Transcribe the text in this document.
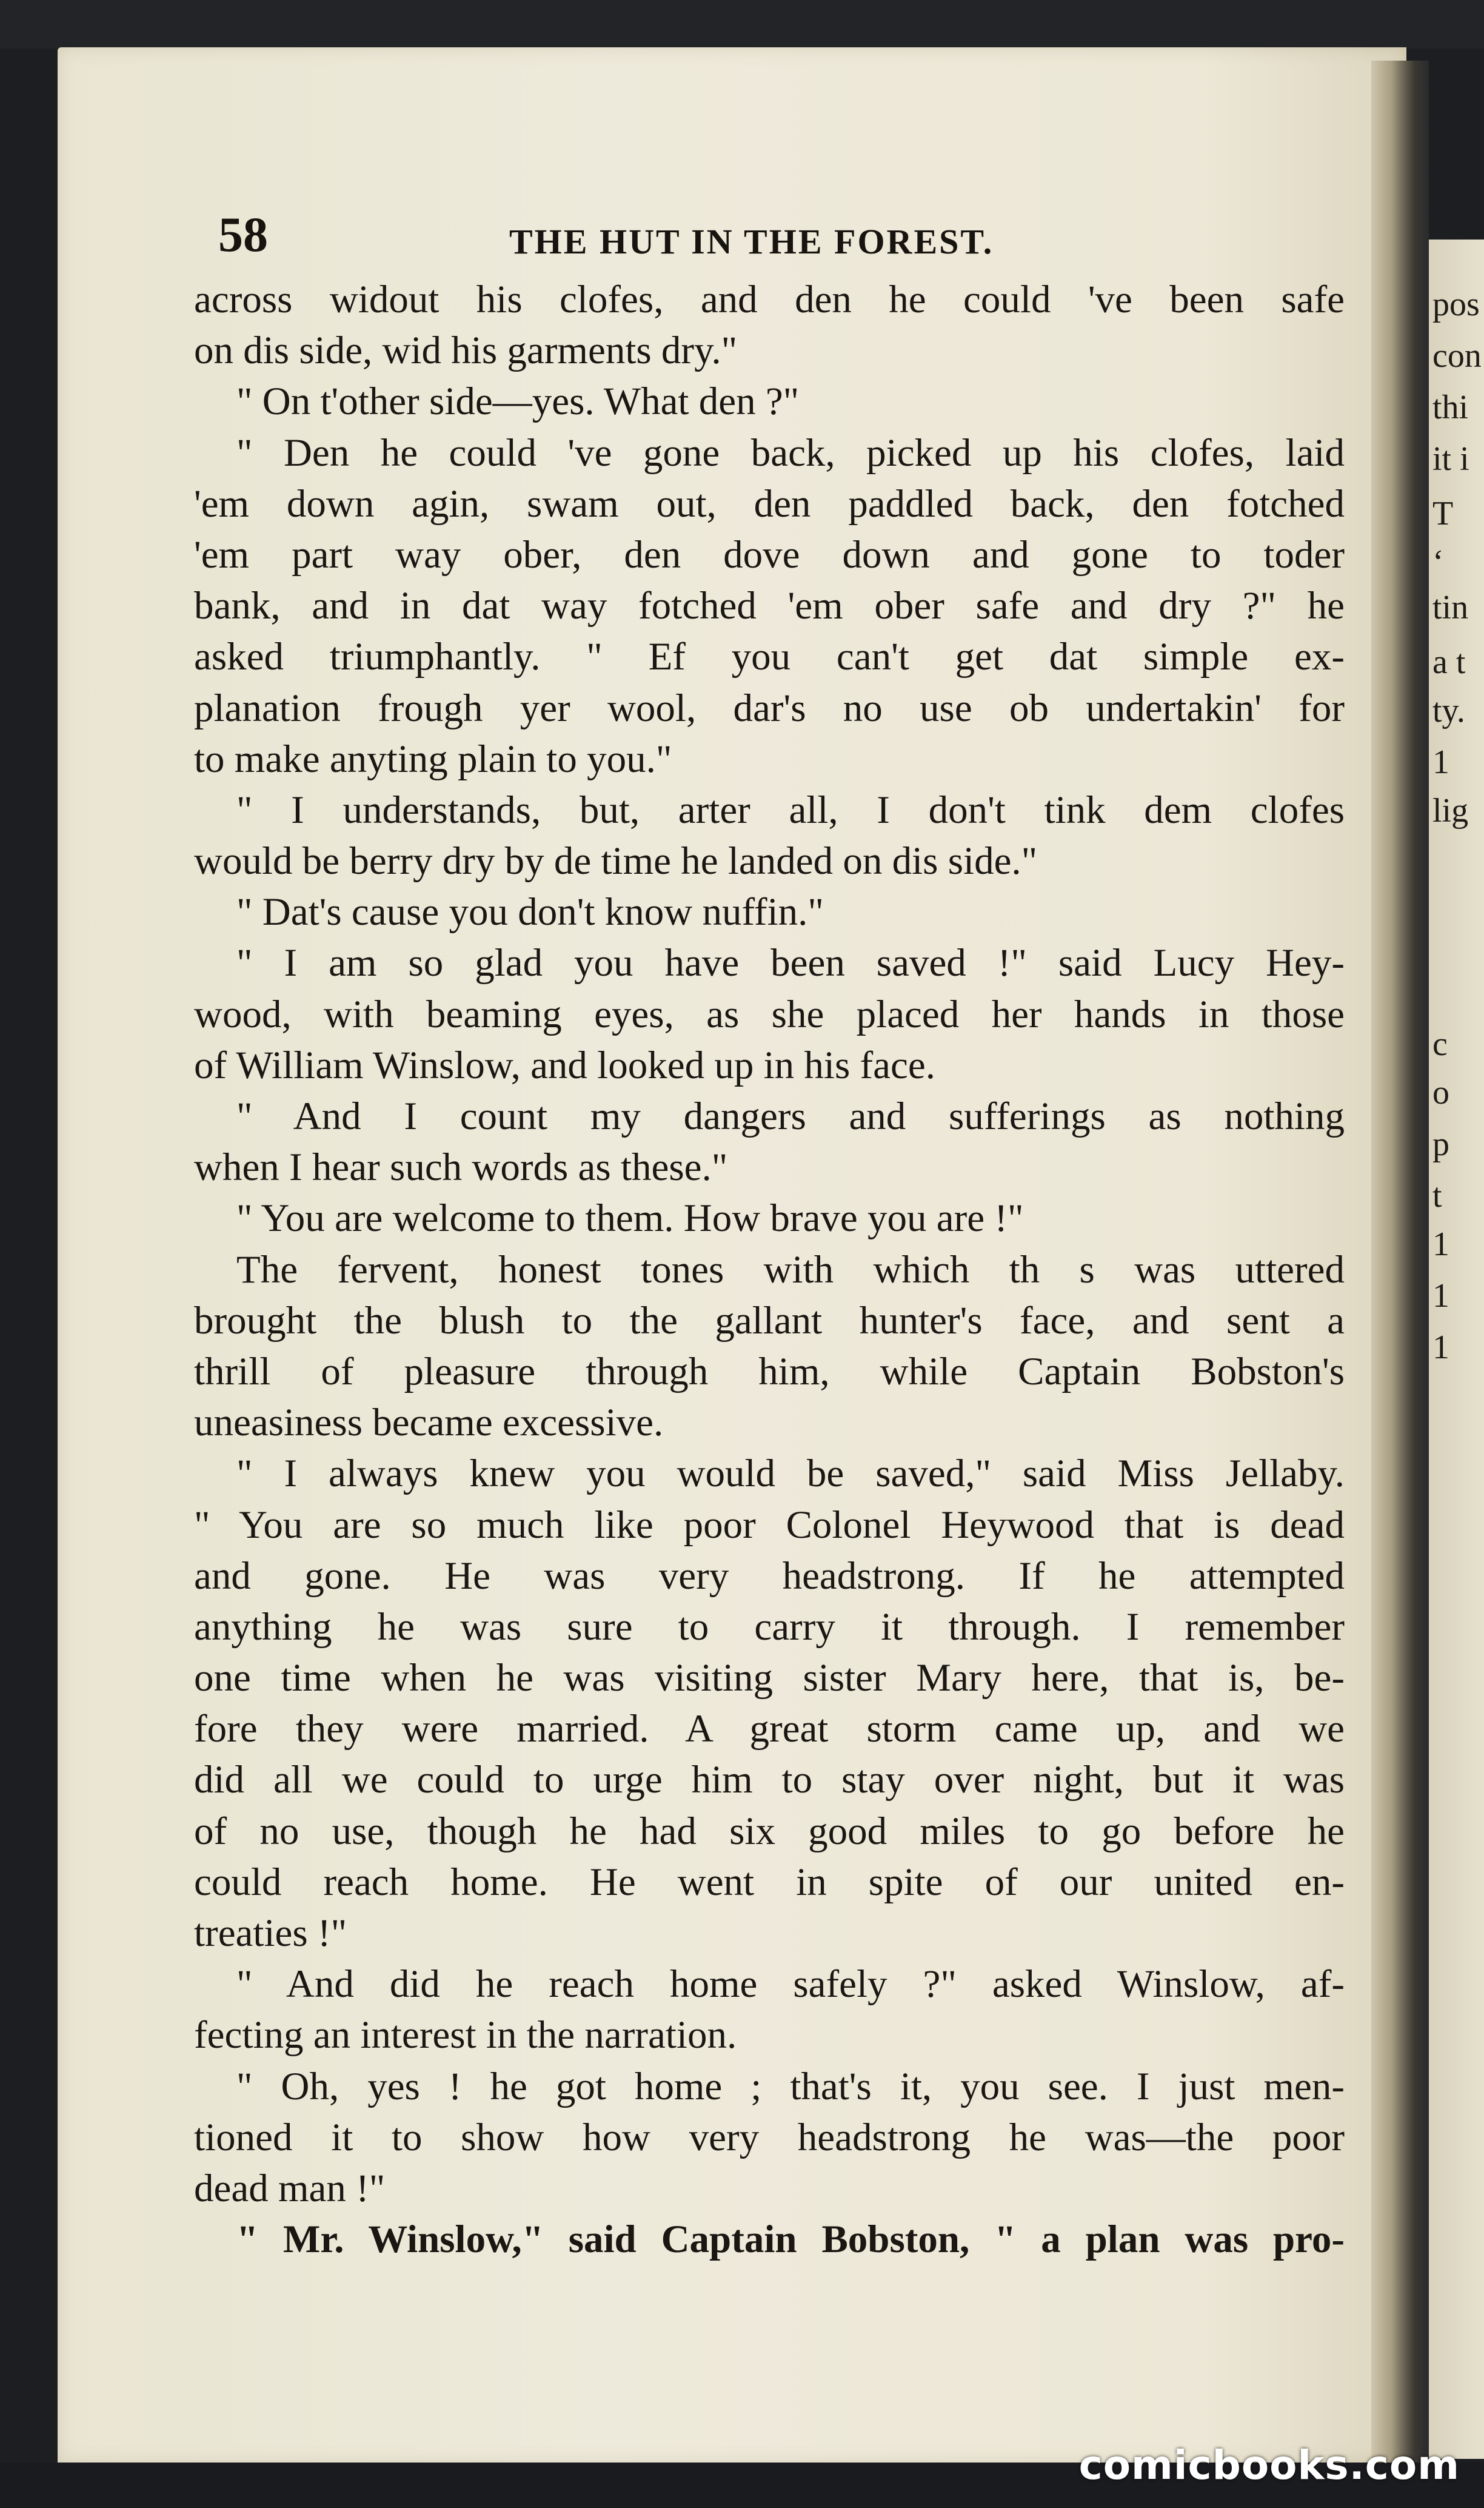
pos
con
thi
it i
T
‘
tin
a t
ty.
1
lig
c
o
p
t
1
1
1
58	THE HUT IN THE FOREST.
across widout his clofes, and den he could 've been safe
on dis side, wid his garments dry."
" On t'other side—yes. What den ?"
" Den he could 've gone back, picked up his clofes, laid
'em down agin, swam out, den paddled back, den fotched
'em part way ober, den dove down and gone to toder
bank, and in dat way fotched 'em ober safe and dry ?" he
asked triumphantly. " Ef you can't get dat simple ex-
planation frough yer wool, dar's no use ob undertakin' for
to make anyting plain to you."
" I understands, but, arter all, I don't tink dem clofes
would be berry dry by de time he landed on dis side."
" Dat's cause you don't know nuffin."
" I am so glad you have been saved !" said Lucy Hey-
wood, with beaming eyes, as she placed her hands in those
of William Winslow, and looked up in his face.
" And I count my dangers and sufferings as nothing
when I hear such words as these."
" You are welcome to them. How brave you are !"
The fervent, honest tones with which th s was uttered
brought the blush to the gallant hunter's face, and sent a
thrill of pleasure through him, while Captain Bobston's
uneasiness became excessive.
" I always knew you would be saved," said Miss Jellaby.
" You are so much like poor Colonel Heywood that is dead
and gone. He was very headstrong. If he attempted
anything he was sure to carry it through. I remember
one time when he was visiting sister Mary here, that is, be-
fore they were married. A great storm came up, and we
did all we could to urge him to stay over night, but it was
of no use, though he had six good miles to go before he
could reach home. He went in spite of our united en-
treaties !"
" And did he reach home safely ?" asked Winslow, af-
fecting an interest in the narration.
" Oh, yes ! he got home ; that's it, you see. I just men-
tioned it to show how very headstrong he was—the poor
dead man !"
" Mr. Winslow," said Captain Bobston, " a plan was pro-
comicbooks.com
